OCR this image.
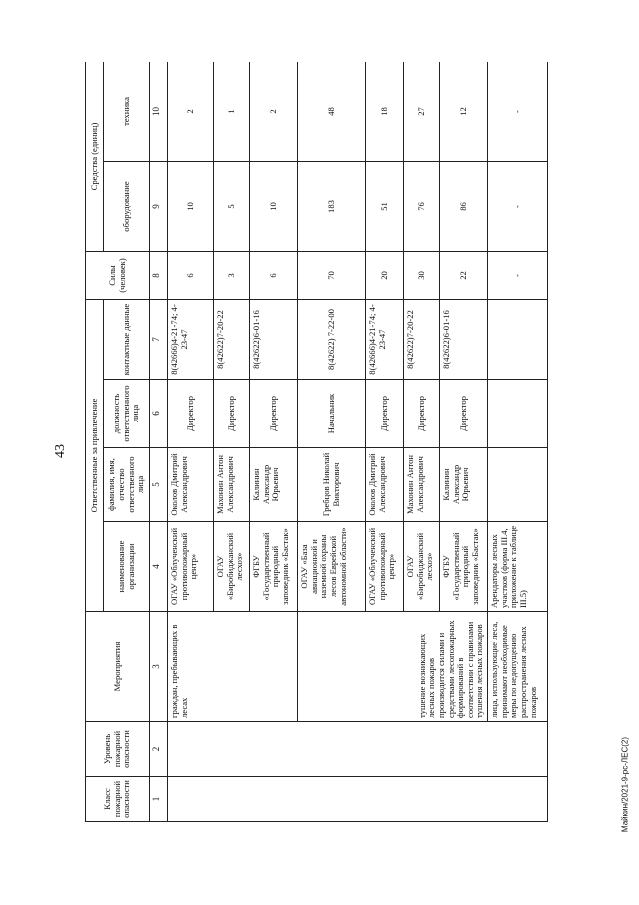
43
Майкин/2021-9-рс-ЛЕС(2)
Класс пожарной опасности	Уровень пожарной опасности	Мероприятия	Ответственные за привлечение				Силы (человек)	Средства (единиц)	
			наименование организации	фамилия, имя, отчество ответственного лица	должность ответственного лица	контактные данные		оборудование	техника

1	2	3	4	5	6	7	8	9	10
		граждан, пребывающих в лесах	ОГАУ «Облученский противопожарный центр»	Околов Дмитрий Александрович	Директор	8(42666)4-21-74; 4-23-47	6	10	2
			ОГАУ «Биробиджанский лесхоз»	Махонин Антон Александрович	Директор	8(42622)7-20-22	3	5	1
			ФГБУ «Государственный природный заповедник «Бастак»	Калинин Александр Юрьевич	Директор	8(42622)6-01-16	6	10	2
		тушение возникающих лесных пожаров производится силами и средствами лесопожарных формирований в соответствии с правилами тушения лесных пожаров	ОГАУ «База авиационной и наземной охраны лесов Еврейской автономной области»	Гребцов Николай Викторович	Начальник	8(42622) 7-22-00	70	183	48
			ОГАУ «Облученский противопожарный центр»	Околов Дмитрий Александрович	Директор	8(42666)4-21-74; 4-23-47	20	51	18
			ОГАУ «Биробиджанский лесхоз»	Махонин Антон Александрович	Директор	8(42622)7-20-22	30	76	27
			ФГБУ «Государственный природный заповедник «Бастак»	Калинин Александр Юрьевич	Директор	8(42622)6-01-16	22	86	12
		лица, использующие леса, принимают необходимые меры по недопущению распространения лесных пожаров	Арендаторы лесных участков (форма III.4, приложение к таблице III.5)				-	-	-
